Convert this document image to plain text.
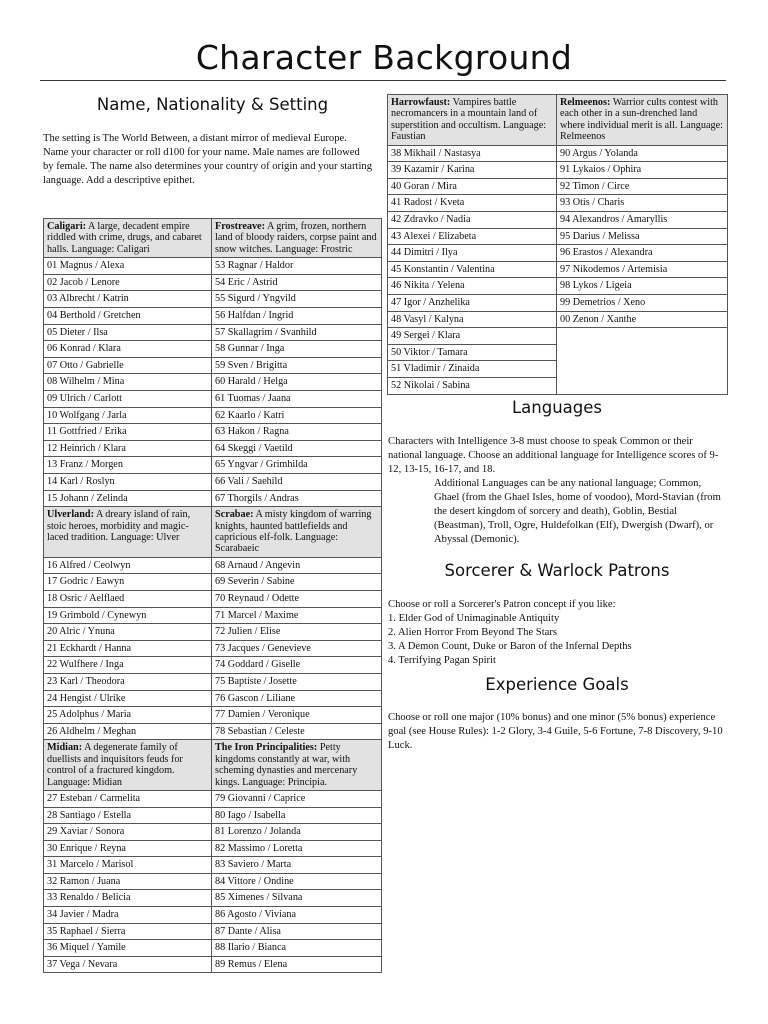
Character Background
Name, Nationality & Setting
The setting is The World Between, a distant mirror of medieval Europe. Name your character or roll d100 for your name. Male names are followed by female. The name also determines your country of origin and your starting language. Add a descriptive epithet.
Caligari: A large, decadent empire riddled with crime, drugs, and cabaret halls. Language: Caligari	Frostreave: A grim, frozen, northern land of bloody raiders, corpse paint and snow witches. Language: Frostric
01 Magnus / Alexa	53 Ragnar / Haldor
02 Jacob / Lenore	54 Eric / Astrid
03 Albrecht / Katrin	55 Sigurd / Yngvild
04 Berthold / Gretchen	56 Halfdan / Ingrid
05 Dieter / Ilsa	57 Skallagrim / Svanhild
06 Konrad / Klara	58 Gunnar / Inga
07 Otto / Gabrielle	59 Sven / Brigitta
08 Wilhelm / Mina	60 Harald / Helga
09 Ulrich / Carlott	61 Tuomas / Jaana
10 Wolfgang / Jarla	62 Kaarlo / Katri
11 Gottfried / Erika	63 Hakon / Ragna
12 Heinrich / Klara	64 Skeggi / Vaetild
13 Franz / Morgen	65 Yngvar / Grimhilda
14 Karl / Roslyn	66 Vali / Saehild
15 Johann / Zelinda	67 Thorgils / Andras
Ulverland: A dreary island of rain, stoic heroes, morbidity and magic-laced tradition. Language: Ulver	Scrabae: A misty kingdom of warring knights, haunted battlefields and capricious elf-folk. Language: Scarabaeic
16 Alfred / Ceolwyn	68 Arnaud / Angevin
17 Godric / Eawyn	69 Severin / Sabine
18 Osric / Aelflaed	70 Reynaud / Odette
19 Grimbold / Cynewyn	71 Marcel / Maxime
20 Alric / Ynuna	72 Julien / Elise
21 Eckhardt / Hanna	73 Jacques / Genevieve
22 Wulfhere / Inga	74 Goddard / Giselle
23 Karl / Theodora	75 Baptiste / Josette
24 Hengist / Ulrike	76 Gascon / Liliane
25 Adolphus / Maria	77 Damien / Veronique
26 Aldhelm / Meghan	78 Sebastian / Celeste
Midian: A degenerate family of duellists and inquisitors feuds for control of a fractured kingdom. Language: Midian	The Iron Principalities: Petty kingdoms constantly at war, with scheming dynasties and mercenary kings. Language: Principia.
27 Esteban / Carmelita	79 Giovanni / Caprice
28 Santiago / Estella	80 Iago / Isabella
29 Xaviar / Sonora	81 Lorenzo / Jolanda
30 Enrique / Reyna	82 Massimo / Loretta
31 Marcelo / Marisol	83 Saviero / Marta
32 Ramon / Juana	84 Vittore / Ondine
33 Renaldo / Belicia	85 Ximenes / Silvana
34 Javier / Madra	86 Agosto / Viviana
35 Raphael / Sierra	87 Dante / Alisa
36 Miquel / Yamile	88 Ilario / Bianca
37 Vega / Nevara	89 Remus / Elena
Harrowfaust: Vampires battle necromancers in a mountain land of superstition and occultism. Language: Faustian	Relmeenos: Warrior cults contest with each other in a sun-drenched land where individual merit is all. Language: Relmeenos
38 Mikhail / Nastasya	90 Argus / Yolanda
39 Kazamir / Karina	91 Lykaios / Ophira
40 Goran / Mira	92 Timon / Circe
41 Radost / Kveta	93 Otis / Charis
42 Zdravko / Nadia	94 Alexandros / Amaryllis
43 Alexei / Elizabeta	95 Darius / Melissa
44 Dimitri / Ilya	96 Erastos / Alexandra
45 Konstantin / Valentina	97 Nikodemos / Artemisia
46 Nikita / Yelena	98 Lykos / Ligeia
47 Igor / Anzhelika	99 Demetrios / Xeno
48 Vasyl / Kalyna	00 Zenon / Xanthe
49 Sergei / Klara	
50 Viktor / Tamara	
51 Vladimir / Zinaida	
52 Nikolai / Sabina	
Languages

Characters with Intelligence 3-8 must choose to speak Common or their national language. Choose an additional language for Intelligence scores of 9-12, 13-15, 16-17, and 18.

Additional Languages can be any national language; Common, Ghael (from the Ghael Isles, home of voodoo), Mord-Stavian (from the desert kingdom of sorcery and death), Goblin, Bestial (Beastman), Troll, Ogre, Huldefolkan (Elf), Dwergish (Dwarf), or Abyssal (Demonic).

Sorcerer & Warlock Patrons

Choose or roll a Sorcerer's Patron concept if you like:

1. Elder God of Unimaginable Antiquity

2. Alien Horror From Beyond The Stars

3. A Demon Count, Duke or Baron of the Infernal Depths

4. Terrifying Pagan Spirit

Experience Goals
Choose or roll one major (10% bonus) and one minor (5% bonus) experience goal (see House Rules): 1-2 Glory, 3-4 Guile, 5-6 Fortune, 7-8 Discovery, 9-10 Luck.
